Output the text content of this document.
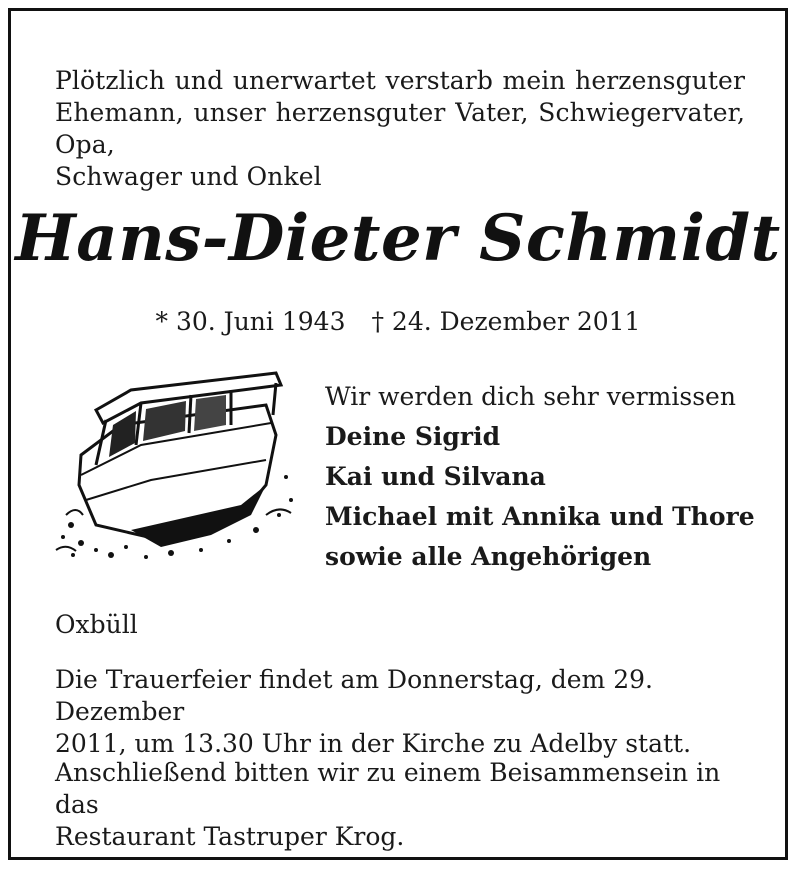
Plötzlich und unerwartet verstarb mein herzensguter
Ehemann, unser herzensguter Vater, Schwiegervater, Opa,
Schwager und Onkel
Hans-Dieter Schmidt
* 30. Juni 1943 † 24. Dezember 2011
Wir werden dich sehr vermissen
Deine Sigrid
Kai und Silvana
Michael mit Annika und Thore
sowie alle Angehörigen
Oxbüll
Die Trauerfeier findet am Donnerstag, dem 29. Dezember
2011, um 13.30 Uhr in der Kirche zu Adelby statt.
Anschließend bitten wir zu einem Beisammensein in das
Restaurant Tastruper Krog.
